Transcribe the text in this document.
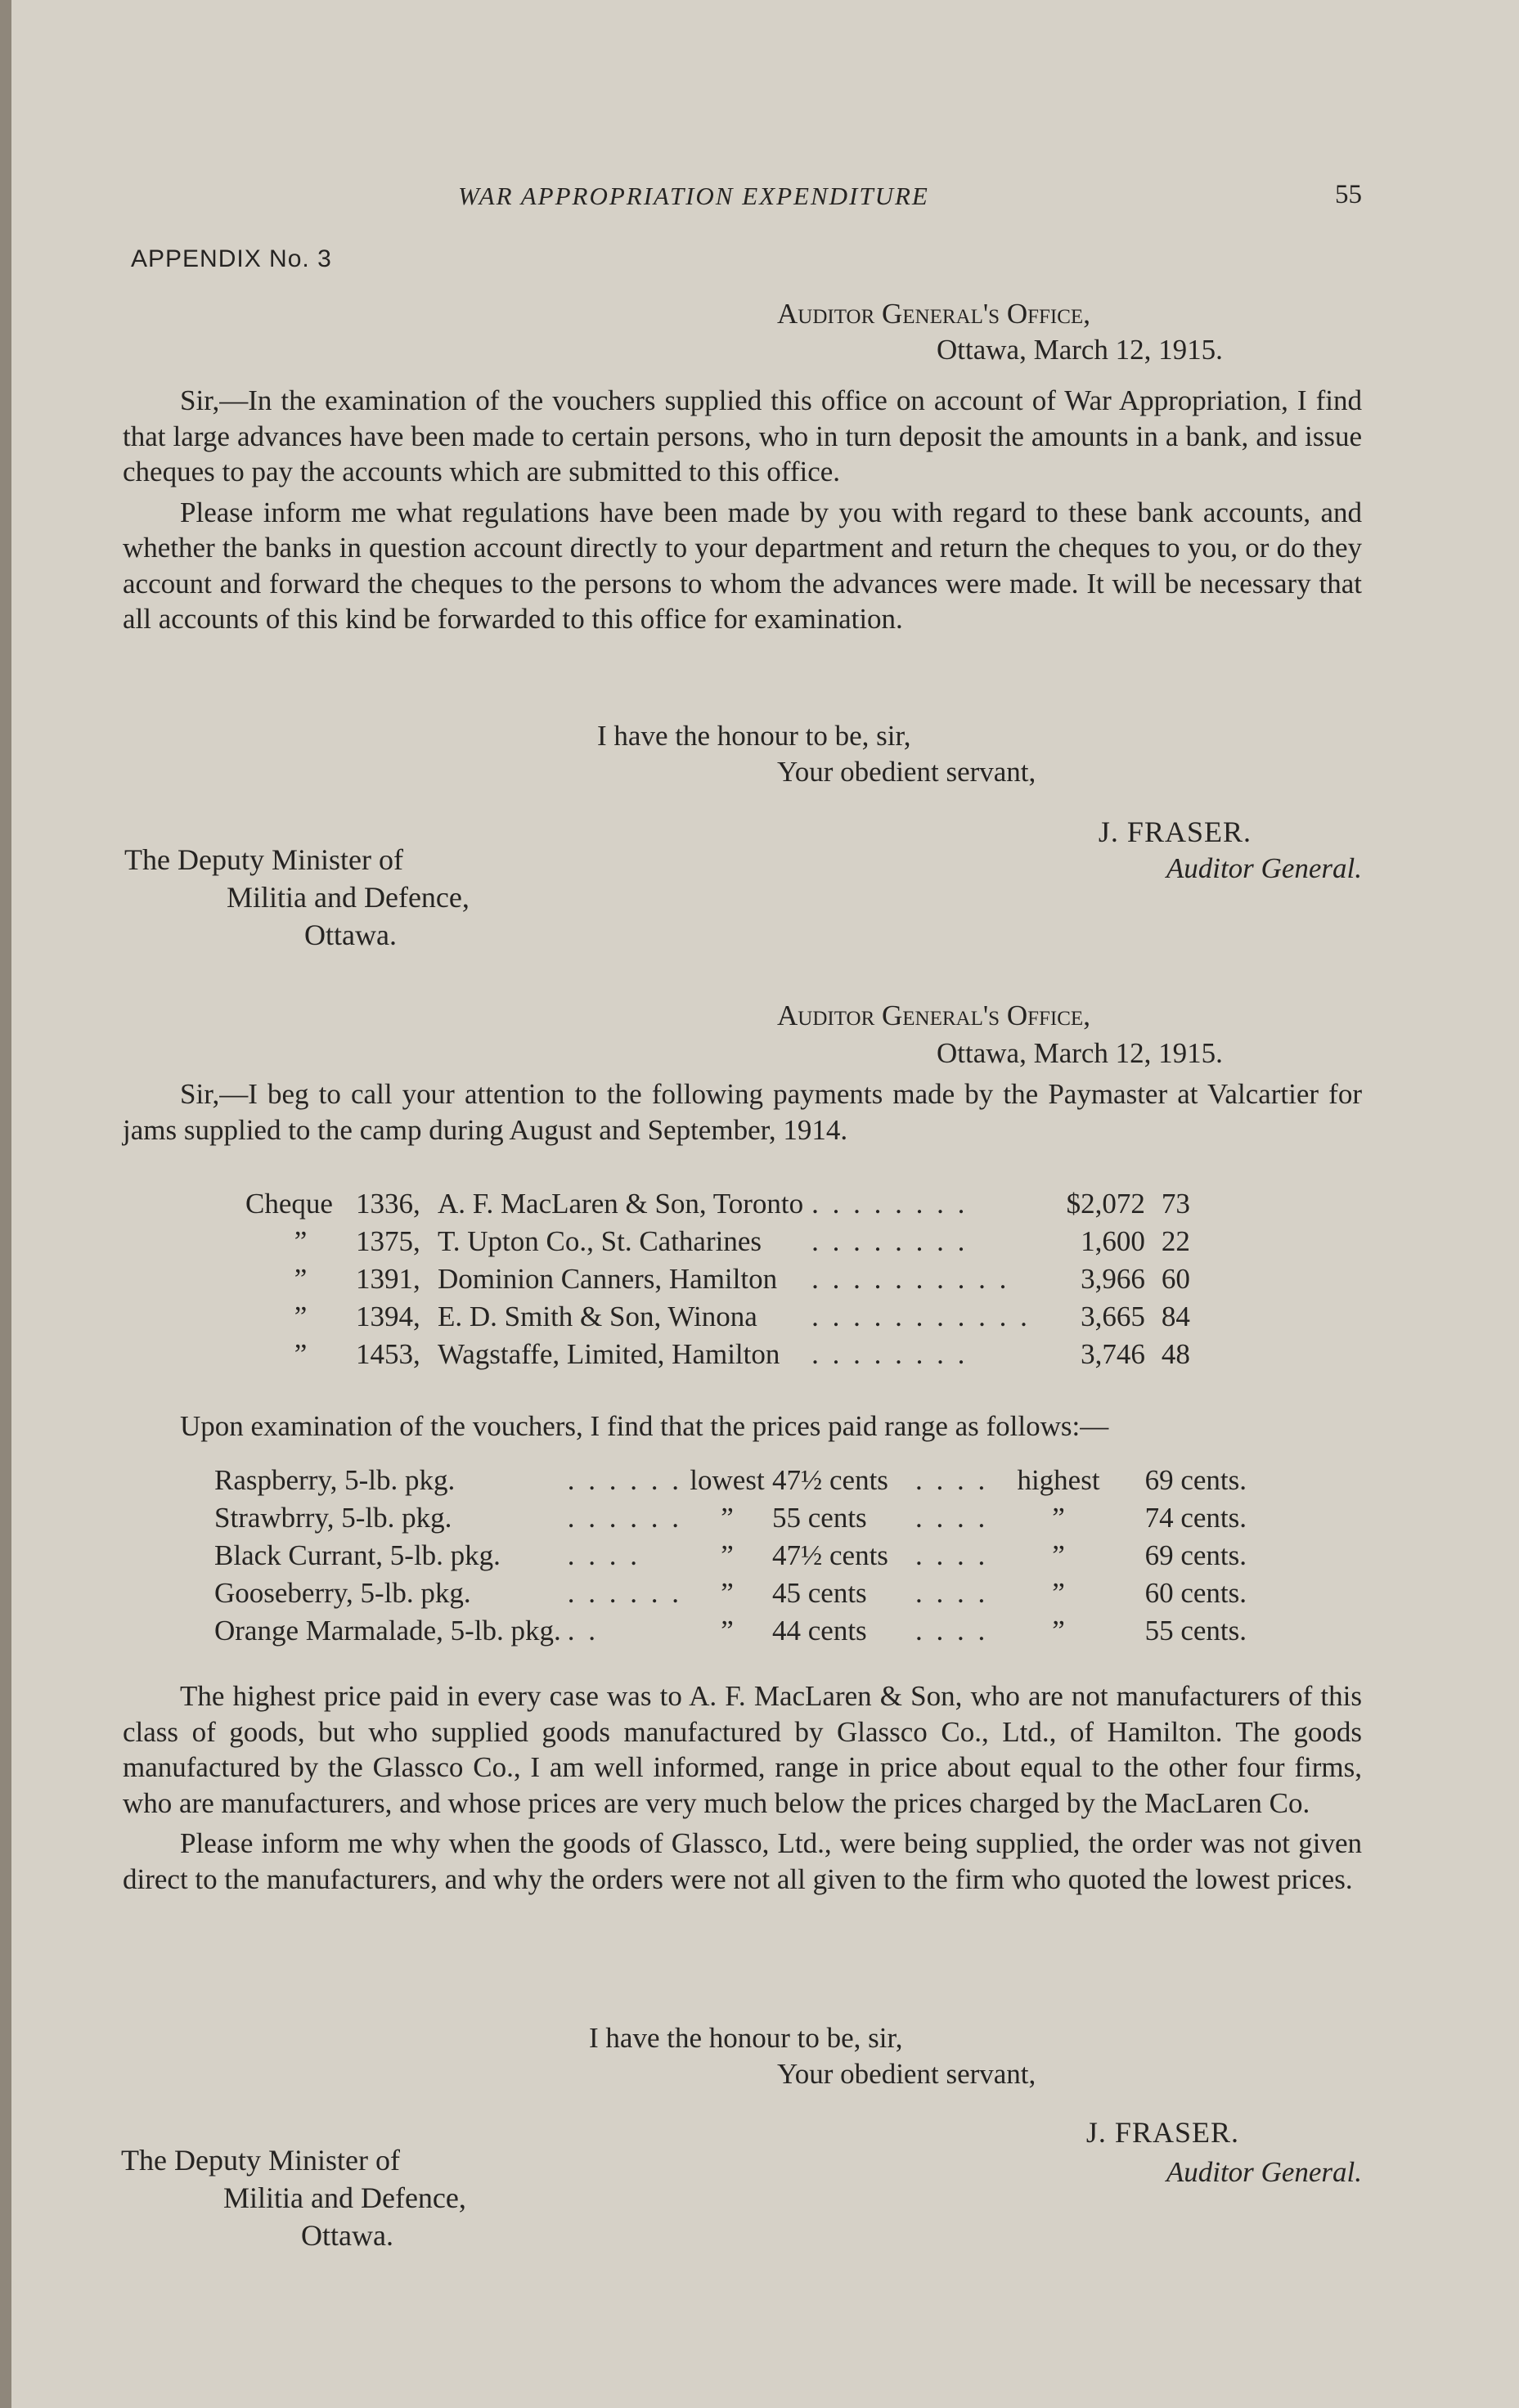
WAR APPROPRIATION EXPENDITURE	55
APPENDIX No. 3
Auditor General's Office,
Ottawa, March 12, 1915.

Sir,—In the examination of the vouchers supplied this office on account of War Appropriation, I find that large advances have been made to certain persons, who in turn deposit the amounts in a bank, and issue cheques to pay the accounts which are submitted to this office.

Please inform me what regulations have been made by you with regard to these bank accounts, and whether the banks in question account directly to your department and return the cheques to you, or do they account and forward the cheques to the persons to whom the advances were made. It will be necessary that all accounts of this kind be forwarded to this office for examination.

I have the honour to be, sir,
Your obedient servant,
J. FRASER.
Auditor General.
The Deputy Minister of
Militia and Defence,
Ottawa.
Auditor General's Office,
Ottawa, March 12, 1915.

Sir,—I beg to call your attention to the following payments made by the Paymaster at Valcartier for jams supplied to the camp during August and September, 1914.

Cheque	1336,	A. F. MacLaren & Son, Toronto	. . . . . . . .	$2,072	73
”	1375,	T. Upton Co., St. Catharines	. . . . . . . .	1,600	22
”	1391,	Dominion Canners, Hamilton	. . . . . . . . . .	3,966	60
”	1394,	E. D. Smith & Son, Winona	. . . . . . . . . . .	3,665	84
”	1453,	Wagstaffe, Limited, Hamilton	. . . . . . . .	3,746	48

Upon examination of the vouchers, I find that the prices paid range as follows:—

Raspberry, 5-lb. pkg.	. . . . . .	lowest	47½ cents	. . . .	highest	69 cents.
Strawbrry, 5-lb. pkg.	. . . . . .	”	55 cents	. . . .	”	74 cents.
Black Currant, 5-lb. pkg.	. . . .	”	47½ cents	. . . .	”	69 cents.
Gooseberry, 5-lb. pkg.	. . . . . .	”	45 cents	. . . .	”	60 cents.
Orange Marmalade, 5-lb. pkg.	. .	”	44 cents	. . . .	”	55 cents.

The highest price paid in every case was to A. F. MacLaren & Son, who are not manufacturers of this class of goods, but who supplied goods manufactured by Glassco Co., Ltd., of Hamilton. The goods manufactured by the Glassco Co., I am well informed, range in price about equal to the other four firms, who are manufacturers, and whose prices are very much below the prices charged by the MacLaren Co.

Please inform me why when the goods of Glassco, Ltd., were being supplied, the order was not given direct to the manufacturers, and why the orders were not all given to the firm who quoted the lowest prices.

I have the honour to be, sir,
Your obedient servant,
J. FRASER.
Auditor General.
The Deputy Minister of
Militia and Defence,
Ottawa.
